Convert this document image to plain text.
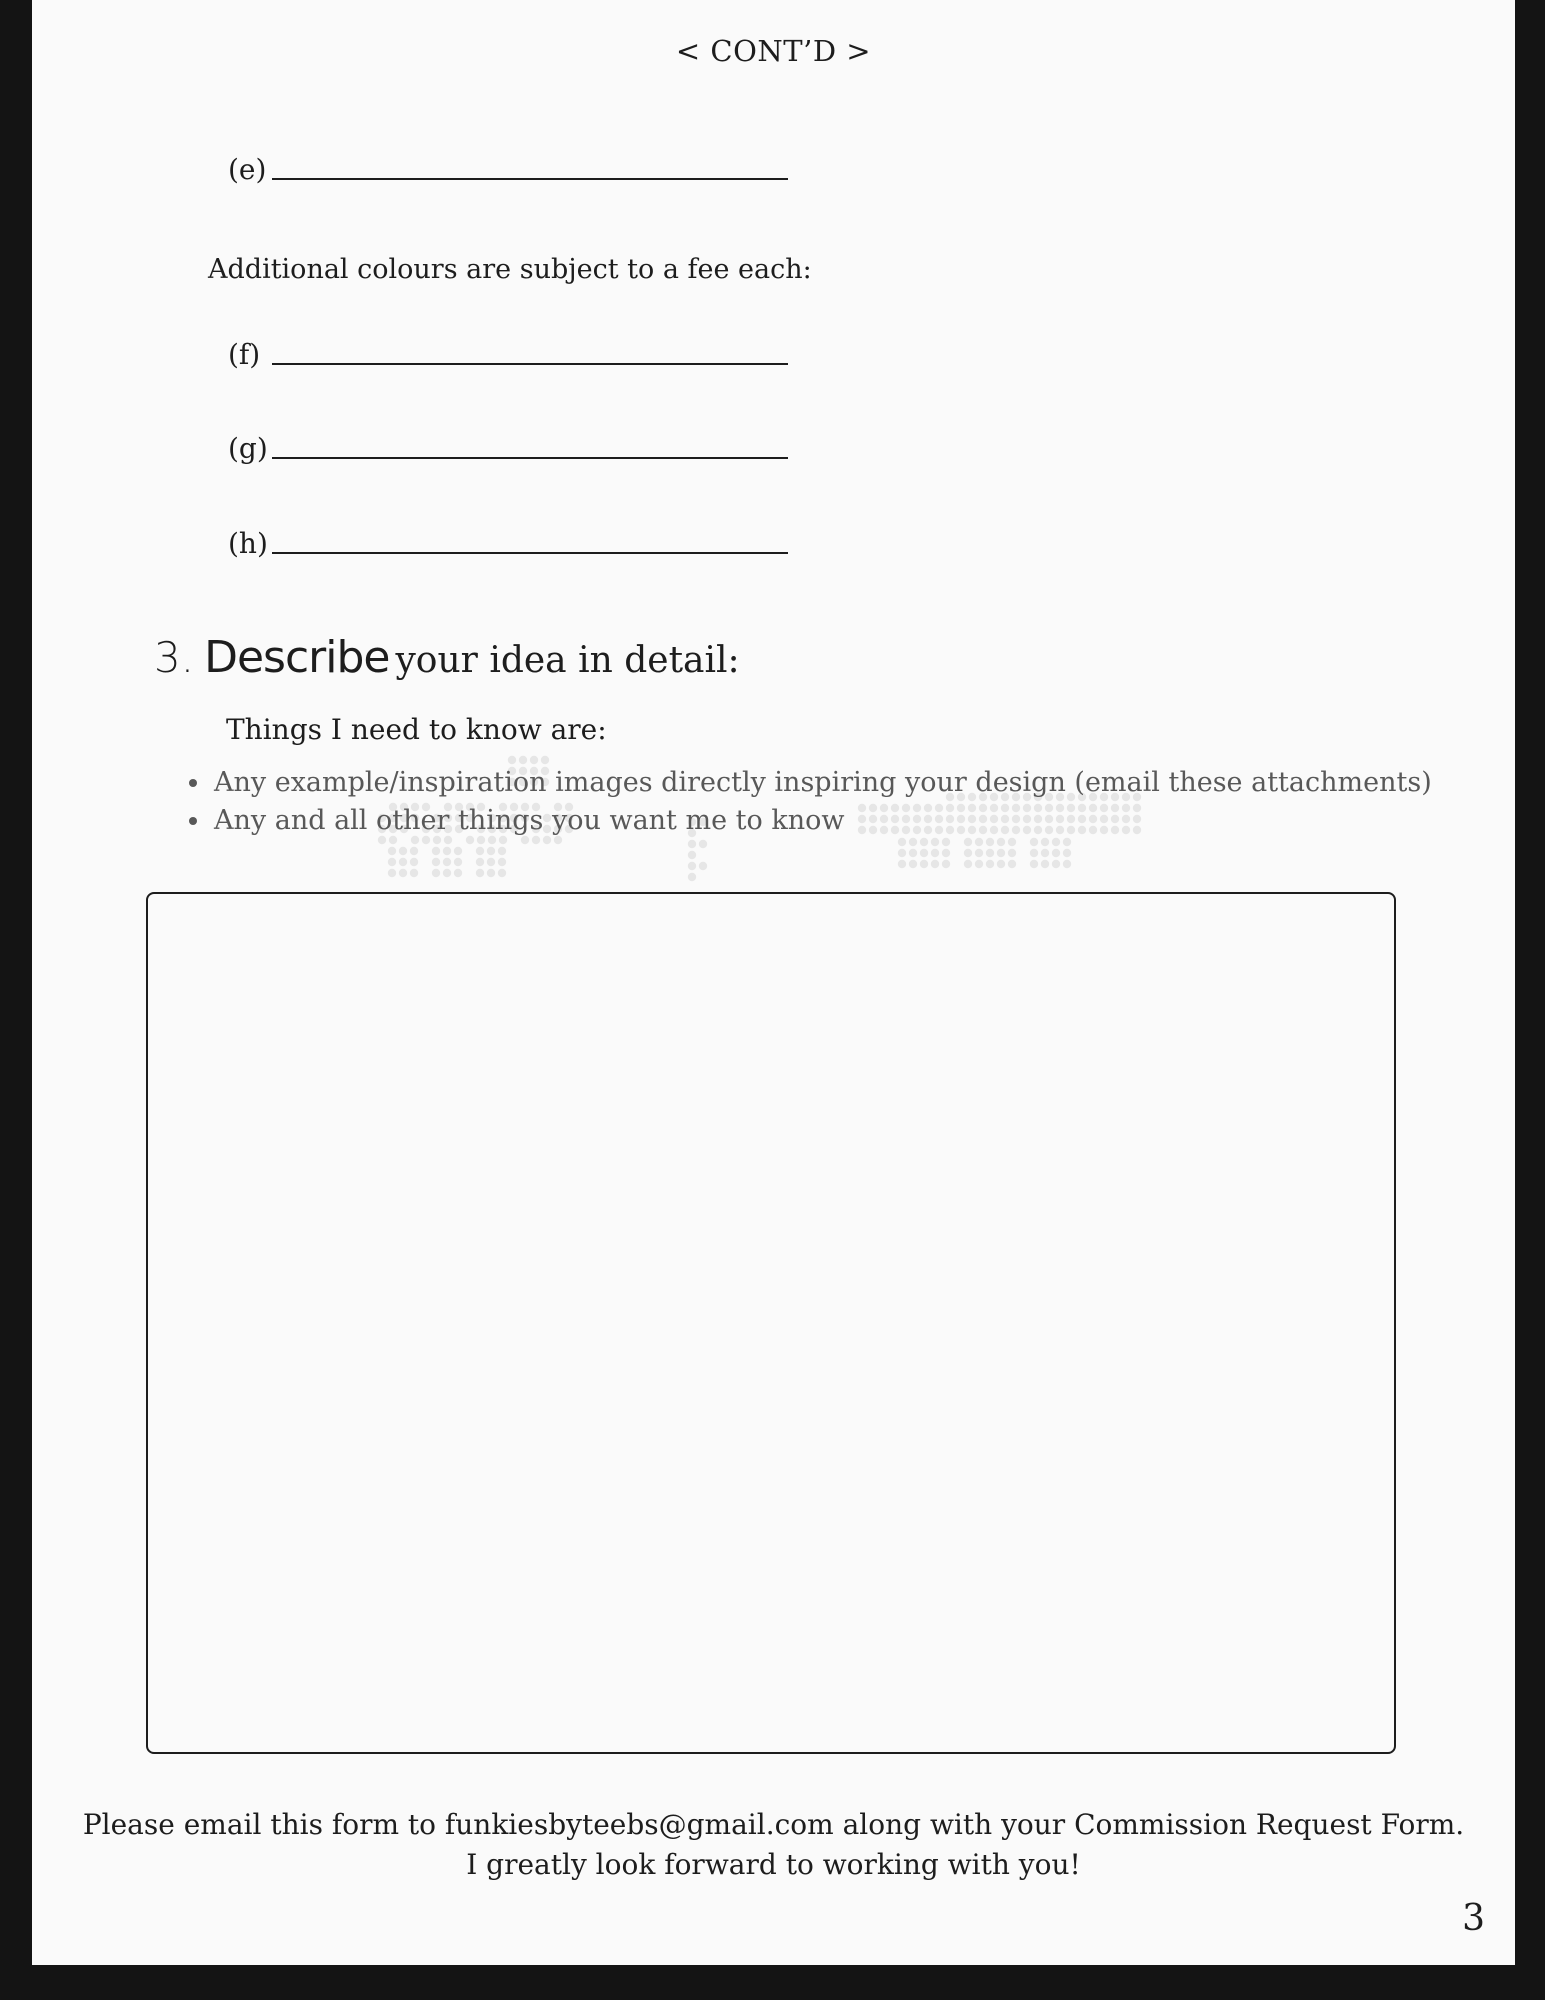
< CONT’D >
(e)
Additional colours are subject to a fee each:
(f)
(g)
(h)
3. Describe your idea in detail:
Things I need to know are:
• Any example/inspiration images directly inspiring your design (email these attachments)
• Any and all other things you want me to know
Please email this form to funkiesbyteebs@gmail.com along with your Commission Request Form.
I greatly look forward to working with you!
3
